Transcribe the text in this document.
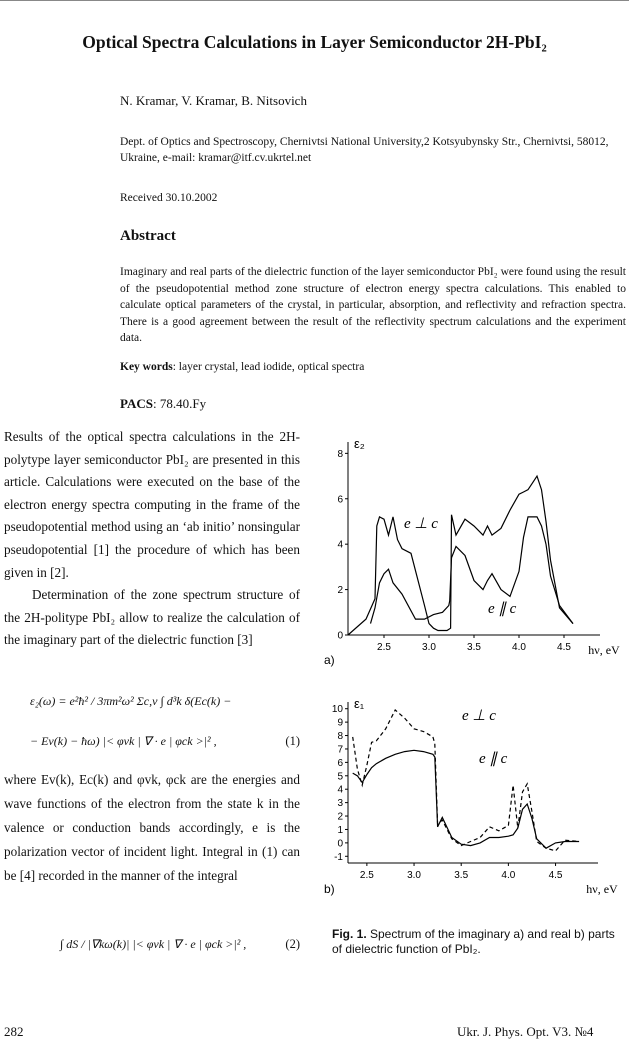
Optical Spectra Calculations in Layer Semiconductor 2H-PbI₂
N. Kramar, V. Kramar, B. Nitsovich
Dept. of Optics and Spectroscopy, Chernivtsi National University,2 Kotsyubynsky Str., Chernivtsi, 58012, Ukraine, e-mail: kramar@itf.cv.ukrtel.net
Received 30.10.2002
Abstract
Imaginary and real parts of the dielectric function of the layer semiconductor PbI₂ were found using the result of the pseudopotential method zone structure of electron energy spectra calculations. This enabled to calculate optical parameters of the crystal, in particular, absorption, and reflectivity and refraction spectra. There is a good agreement between the result of the reflectivity spectrum calculations and the experiment data.
Key words: layer crystal, lead iodide, optical spectra
PACS: 78.40.Fy

Results of the optical spectra calculations in the 2H-polytype layer semiconductor PbI₂ are presented in this article. Calculations were executed on the base of the electron energy spectra computing in the frame of the pseudopotential method using an ‘ab initio’ nonsingular pseudopotential [1] the procedure of which has been given in [2].

Determination of the zone spectrum structure of the 2H-politype PbI₂ allow to realize the calculation of the imaginary part of the dielectric function [3]

ε₂(ω) = e²ħ² / 3πm²ω² Σc,v ∫ d³k δ(Ec(k) −
− Ev(k) − ħω) |< φvk | ∇ · e | φck >|² ,	(1)

where Ev(k), Ec(k) and φvk, φck are the energies and wave functions of the electron from the state k in the valence or conduction bands accordingly, e is the polarization vector of incident light. Integral in (1) can be [4] recorded in the manner of the integral

∫ dS / |∇kω(k)| |< φvk | ∇ · e | φck >|² ,	(2)
0
2
4
6
8
2.5	3.0	3.5	4.0	4.5
ε₂
hν, eV
a)
e ⊥ c
e ∥ c
-1
0
1
2
3
4
5
6
7
8
9
10
2.5	3.0	3.5	4.0	4.5
ε₁
hν, eV
b)
e ⊥ c
e ∥ c
Fig. 1. Spectrum of the imaginary a) and real b) parts of dielectric function of PbI₂.
282	Ukr. J. Phys. Opt. V3. №4
